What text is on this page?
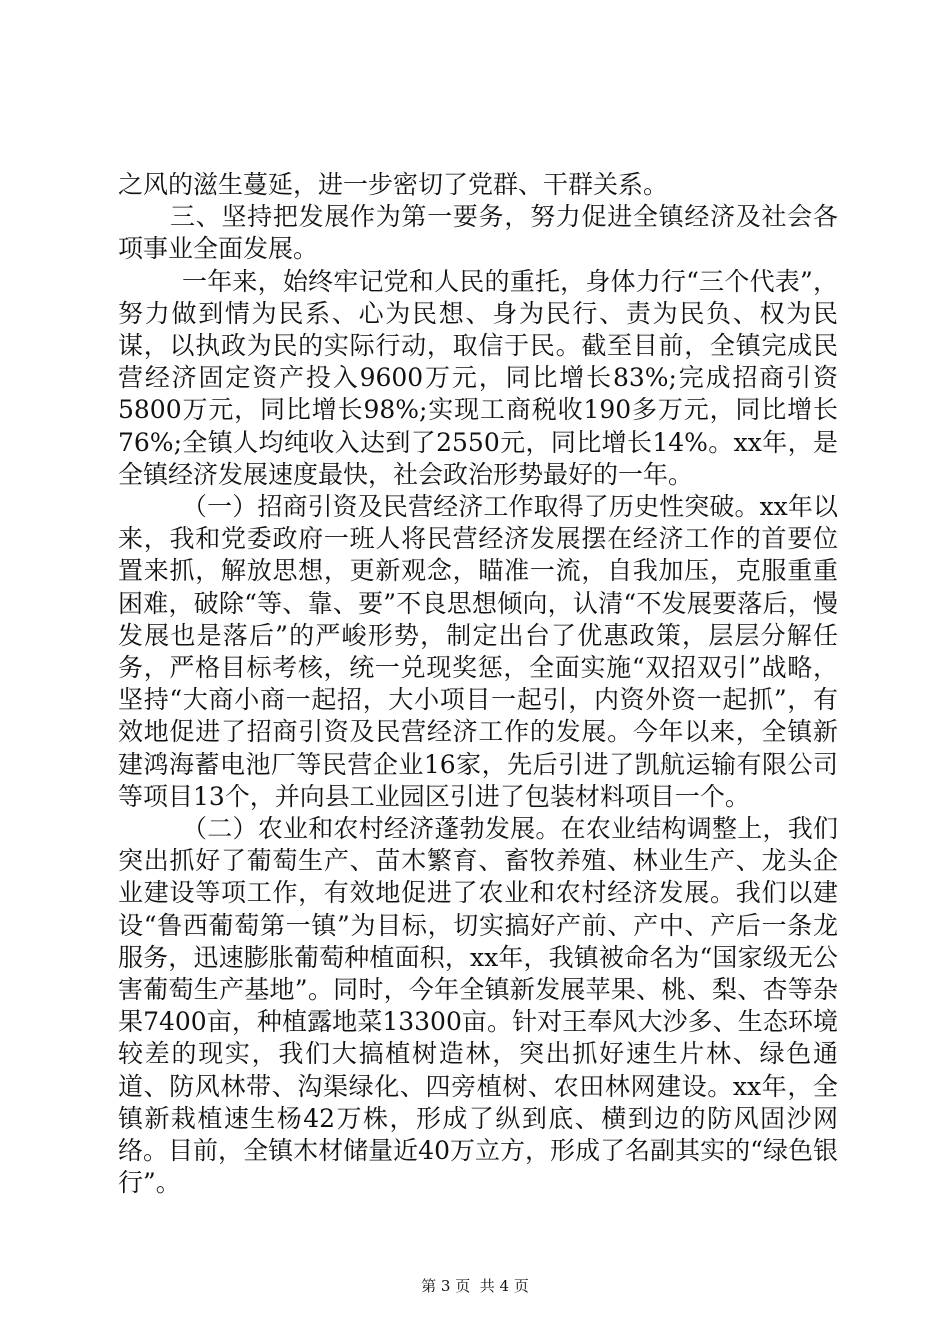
之风的滋生蔓延，进一步密切了党群、干群关系。

三、坚持把发展作为第一要务，努力促进全镇经济及社会各项事业全面发展。

一年来，始终牢记党和人民的重托，身体力行“三个代表”，努力做到情为民系、心为民想、身为民行、责为民负、权为民谋，以执政为民的实际行动，取信于民。截至目前，全镇完成民营经济固定资产投入9600万元，同比增长83%;完成招商引资5800万元，同比增长98%;实现工商税收190多万元，同比增长76%;全镇人均纯收入达到了2550元，同比增长14%。xx年，是全镇经济发展速度最快，社会政治形势最好的一年。

（一）招商引资及民营经济工作取得了历史性突破。xx年以来，我和党委政府一班人将民营经济发展摆在经济工作的首要位置来抓，解放思想，更新观念，瞄准一流，自我加压，克服重重困难，破除“等、靠、要”不良思想倾向，认清“不发展要落后，慢发展也是落后”的严峻形势，制定出台了优惠政策，层层分解任务，严格目标考核，统一兑现奖惩，全面实施“双招双引”战略，坚持“大商小商一起招，大小项目一起引，内资外资一起抓”，有效地促进了招商引资及民营经济工作的发展。今年以来，全镇新建鸿海蓄电池厂等民营企业16家，先后引进了凯航运输有限公司等项目13个，并向县工业园区引进了包装材料项目一个。

（二）农业和农村经济蓬勃发展。在农业结构调整上，我们突出抓好了葡萄生产、苗木繁育、畜牧养殖、林业生产、龙头企业建设等项工作，有效地促进了农业和农村经济发展。我们以建设“鲁西葡萄第一镇”为目标，切实搞好产前、产中、产后一条龙服务，迅速膨胀葡萄种植面积，xx年，我镇被命名为“国家级无公害葡萄生产基地”。同时，今年全镇新发展苹果、桃、梨、杏等杂果7400亩，种植露地菜13300亩。针对王奉风大沙多、生态环境较差的现实，我们大搞植树造林，突出抓好速生片林、绿色通道、防风林带、沟渠绿化、四旁植树、农田林网建设。xx年，全镇新栽植速生杨42万株，形成了纵到底、横到边的防风固沙网络。目前，全镇木材储量近40万立方，形成了名副其实的“绿色银行”。

第 3 页  共 4 页
